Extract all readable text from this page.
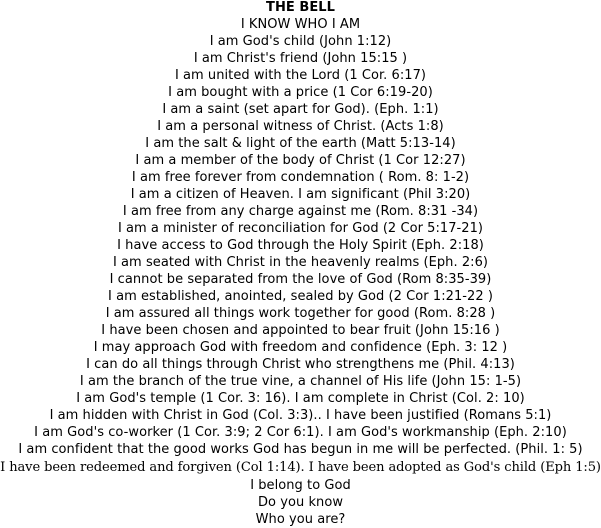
THE BELL
I KNOW WHO I AM
I am God's child (John 1:12)
I am Christ's friend (John 15:15 )
I am united with the Lord (1 Cor. 6:17)
I am bought with a price (1 Cor 6:19-20)
I am a saint (set apart for God). (Eph. 1:1)
I am a personal witness of Christ. (Acts 1:8)
I am the salt & light of the earth (Matt 5:13-14)
I am a member of the body of Christ (1 Cor 12:27)
I am free forever from condemnation ( Rom. 8: 1-2)
I am a citizen of Heaven. I am significant (Phil 3:20)
I am free from any charge against me (Rom. 8:31 -34)
I am a minister of reconciliation for God (2 Cor 5:17-21)
I have access to God through the Holy Spirit (Eph. 2:18)
I am seated with Christ in the heavenly realms (Eph. 2:6)
I cannot be separated from the love of God (Rom 8:35-39)
I am established, anointed, sealed by God (2 Cor 1:21-22 )
I am assured all things work together for good (Rom. 8:28 )
I have been chosen and appointed to bear fruit (John 15:16 )
I may approach God with freedom and confidence (Eph. 3: 12 )
I can do all things through Christ who strengthens me (Phil. 4:13)
I am the branch of the true vine, a channel of His life (John 15: 1-5)
I am God's temple (1 Cor. 3: 16). I am complete in Christ (Col. 2: 10)
I am hidden with Christ in God (Col. 3:3).. I have been justified (Romans 5:1)
I am God's co-worker (1 Cor. 3:9; 2 Cor 6:1). I am God's workmanship (Eph. 2:10)
I am confident that the good works God has begun in me will be perfected. (Phil. 1: 5)
I have been redeemed and forgiven (Col 1:14). I have been adopted as God's child (Eph 1:5)
I belong to God
Do you know
Who you are?
